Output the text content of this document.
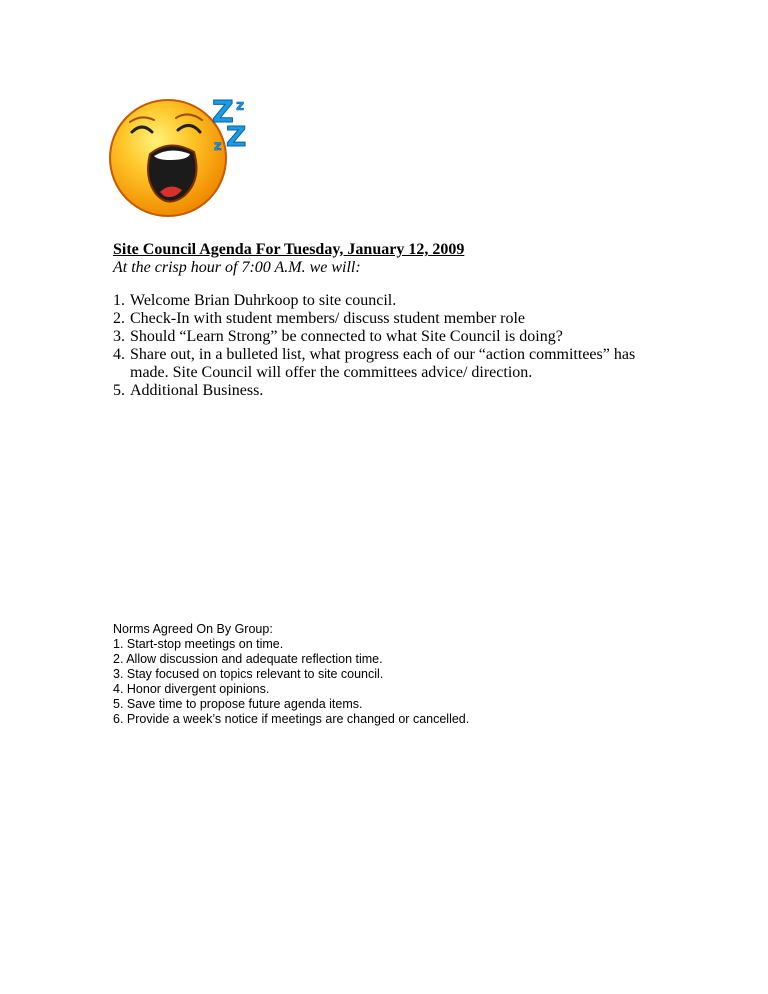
Z z
Z
z

Site Council Agenda For Tuesday, January 12, 2009

At the crisp hour of 7:00 A.M. we will:

1. Welcome Brian Duhrkoop to site council.
2. Check-In with student members/ discuss student member role
3. Should “Learn Strong” be connected to what Site Council is doing?
4. Share out, in a bulleted list, what progress each of our “action committees” has made. Site Council will offer the committees advice/ direction.
5. Additional Business.
Norms Agreed On By Group:
1. Start-stop meetings on time.
2. Allow discussion and adequate reflection time.
3. Stay focused on topics relevant to site council.
4. Honor divergent opinions.
5. Save time to propose future agenda items.
6. Provide a week’s notice if meetings are changed or cancelled.
